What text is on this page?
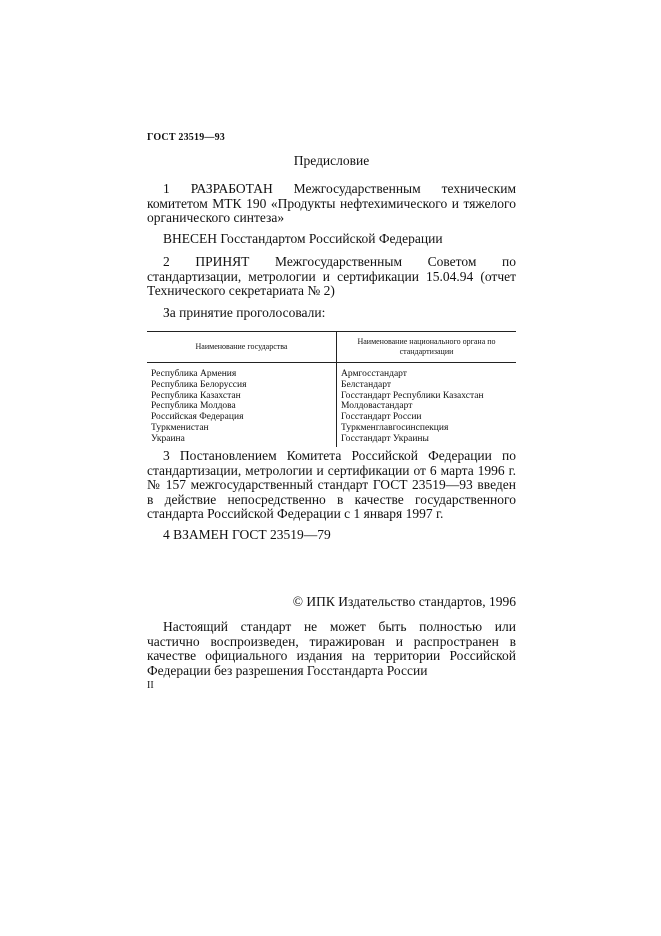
ГОСТ 23519—93
Предисловие
1 РАЗРАБОТАН Межгосударственным техническим комитетом МТК 190 «Продукты нефтехимического и тяжелого органического синтеза»
ВНЕСЕН Госстандартом Российской Федерации
2 ПРИНЯТ Межгосударственным Советом по стандартизации, метрологии и сертификации 15.04.94 (отчет Технического секретариата № 2)
За принятие проголосовали:
Наименование государства	Наименование национального органа по стандартизации

Республика Армения	Армгосстандарт
Республика Белоруссия	Белстандарт
Республика Казахстан	Госстандарт Республики Казахстан
Республика Молдова	Молдовастандарт
Российская Федерация	Госстандарт России
Туркменистан	Туркменглавгосинспекция
Украина	Госстандарт Украины
3 Постановлением Комитета Российской Федерации по стандартизации, метрологии и сертификации от 6 марта 1996 г. № 157 межгосударственный стандарт ГОСТ 23519—93 введен в действие непосредственно в качестве государственного стандарта Российской Федерации с 1 января 1997 г.
4 ВЗАМЕН ГОСТ 23519—79
© ИПК Издательство стандартов, 1996
Настоящий стандарт не может быть полностью или частично воспроизведен, тиражирован и распространен в качестве официального издания на территории Российской Федерации без разрешения Госстандарта России
II
